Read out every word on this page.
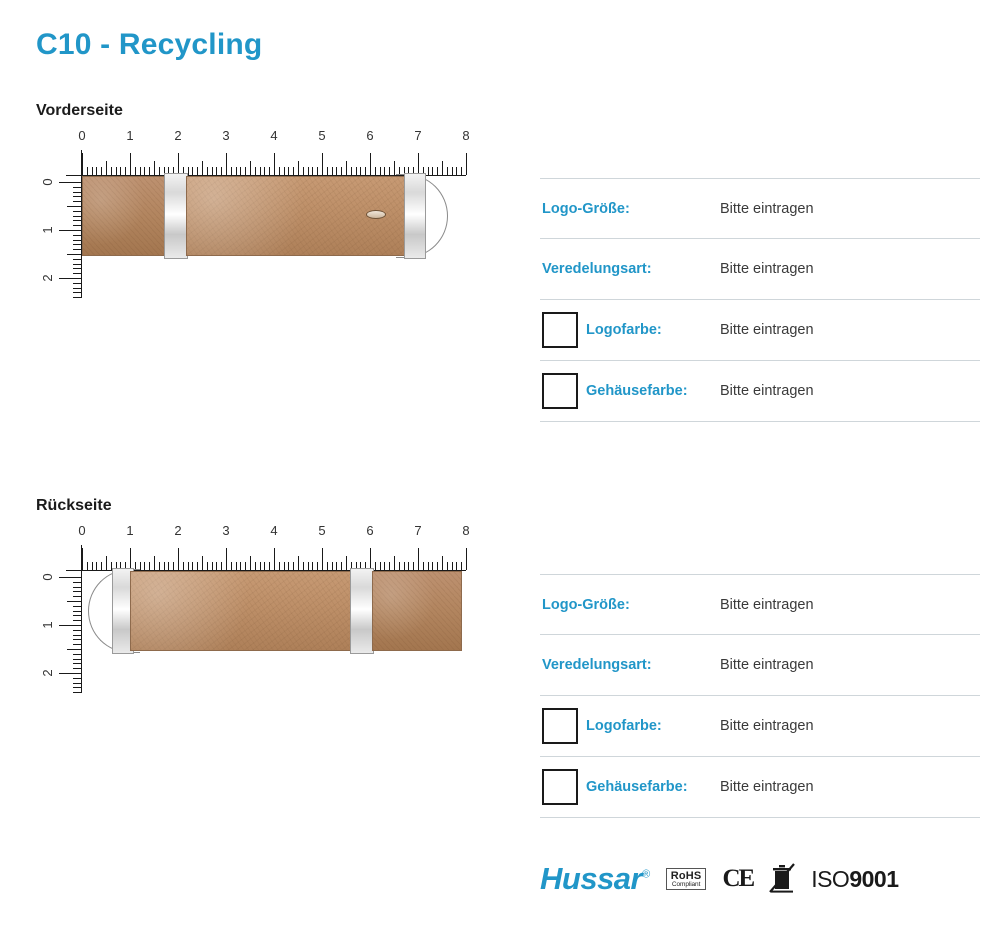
C10 - Recycling
Vorderseite
0	1	2	3	4	5	6	7	8
0
1
2
Logo-Größe:	Bitte eintragen
Veredelungsart:	Bitte eintragen
Logofarbe:	Bitte eintragen
Gehäusefarbe:	Bitte eintragen
Rückseite
0	1	2	3	4	5	6	7	8
0
1
2
Logo-Größe:	Bitte eintragen
Veredelungsart:	Bitte eintragen
Logofarbe:	Bitte eintragen
Gehäusefarbe:	Bitte eintragen
Hussar® RoHS
Compliant CE	ISO9001
